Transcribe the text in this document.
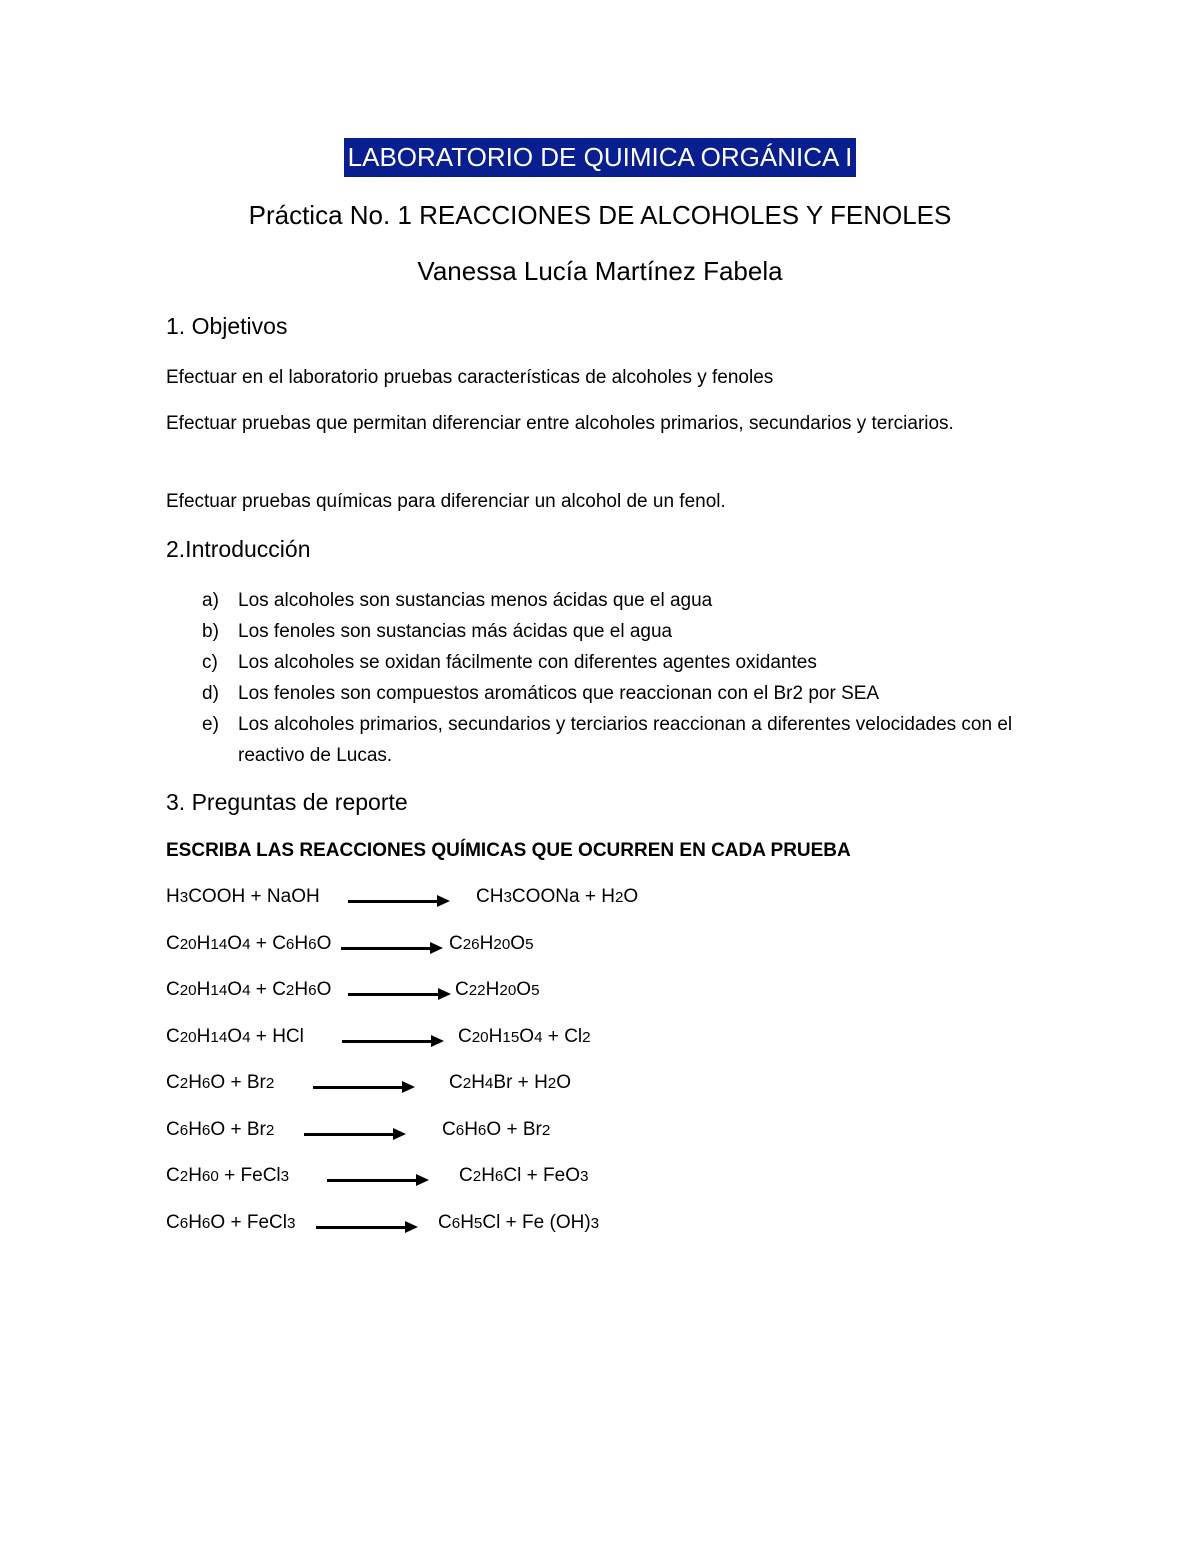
LABORATORIO DE QUIMICA ORGÁNICA I
Práctica No. 1 REACCIONES DE ALCOHOLES Y FENOLES
Vanessa Lucía Martínez Fabela
1. Objetivos
Efectuar en el laboratorio pruebas características de alcoholes y fenoles
Efectuar pruebas que permitan diferenciar entre alcoholes primarios, secundarios y terciarios.
Efectuar pruebas químicas para diferenciar un alcohol de un fenol.
2.Introducción
a) Los alcoholes son sustancias menos ácidas que el agua
b) Los fenoles son sustancias más ácidas que el agua
c) Los alcoholes se oxidan fácilmente con diferentes agentes oxidantes
d) Los fenoles son compuestos aromáticos que reaccionan con el Br2 por SEA
e) Los alcoholes primarios, secundarios y terciarios reaccionan a diferentes velocidades con el reactivo de Lucas.
3. Preguntas de reporte
ESCRIBA LAS REACCIONES QUÍMICAS QUE OCURREN EN CADA PRUEBA
H3COOH + NaOH	CH3COONa + H2O
C20H14O4 + C6H6O	C26H20O5
C20H14O4 + C2H6O	C22H20O5
C20H14O4 + HCl	C20H15O4 + Cl2
C2H6O + Br2	C2H4Br + H2O
C6H6O + Br2	C6H6O + Br2
C2H60 + FeCl3	C2H6Cl + FeO3
C6H6O + FeCl3	C6H5Cl + Fe (OH)3
